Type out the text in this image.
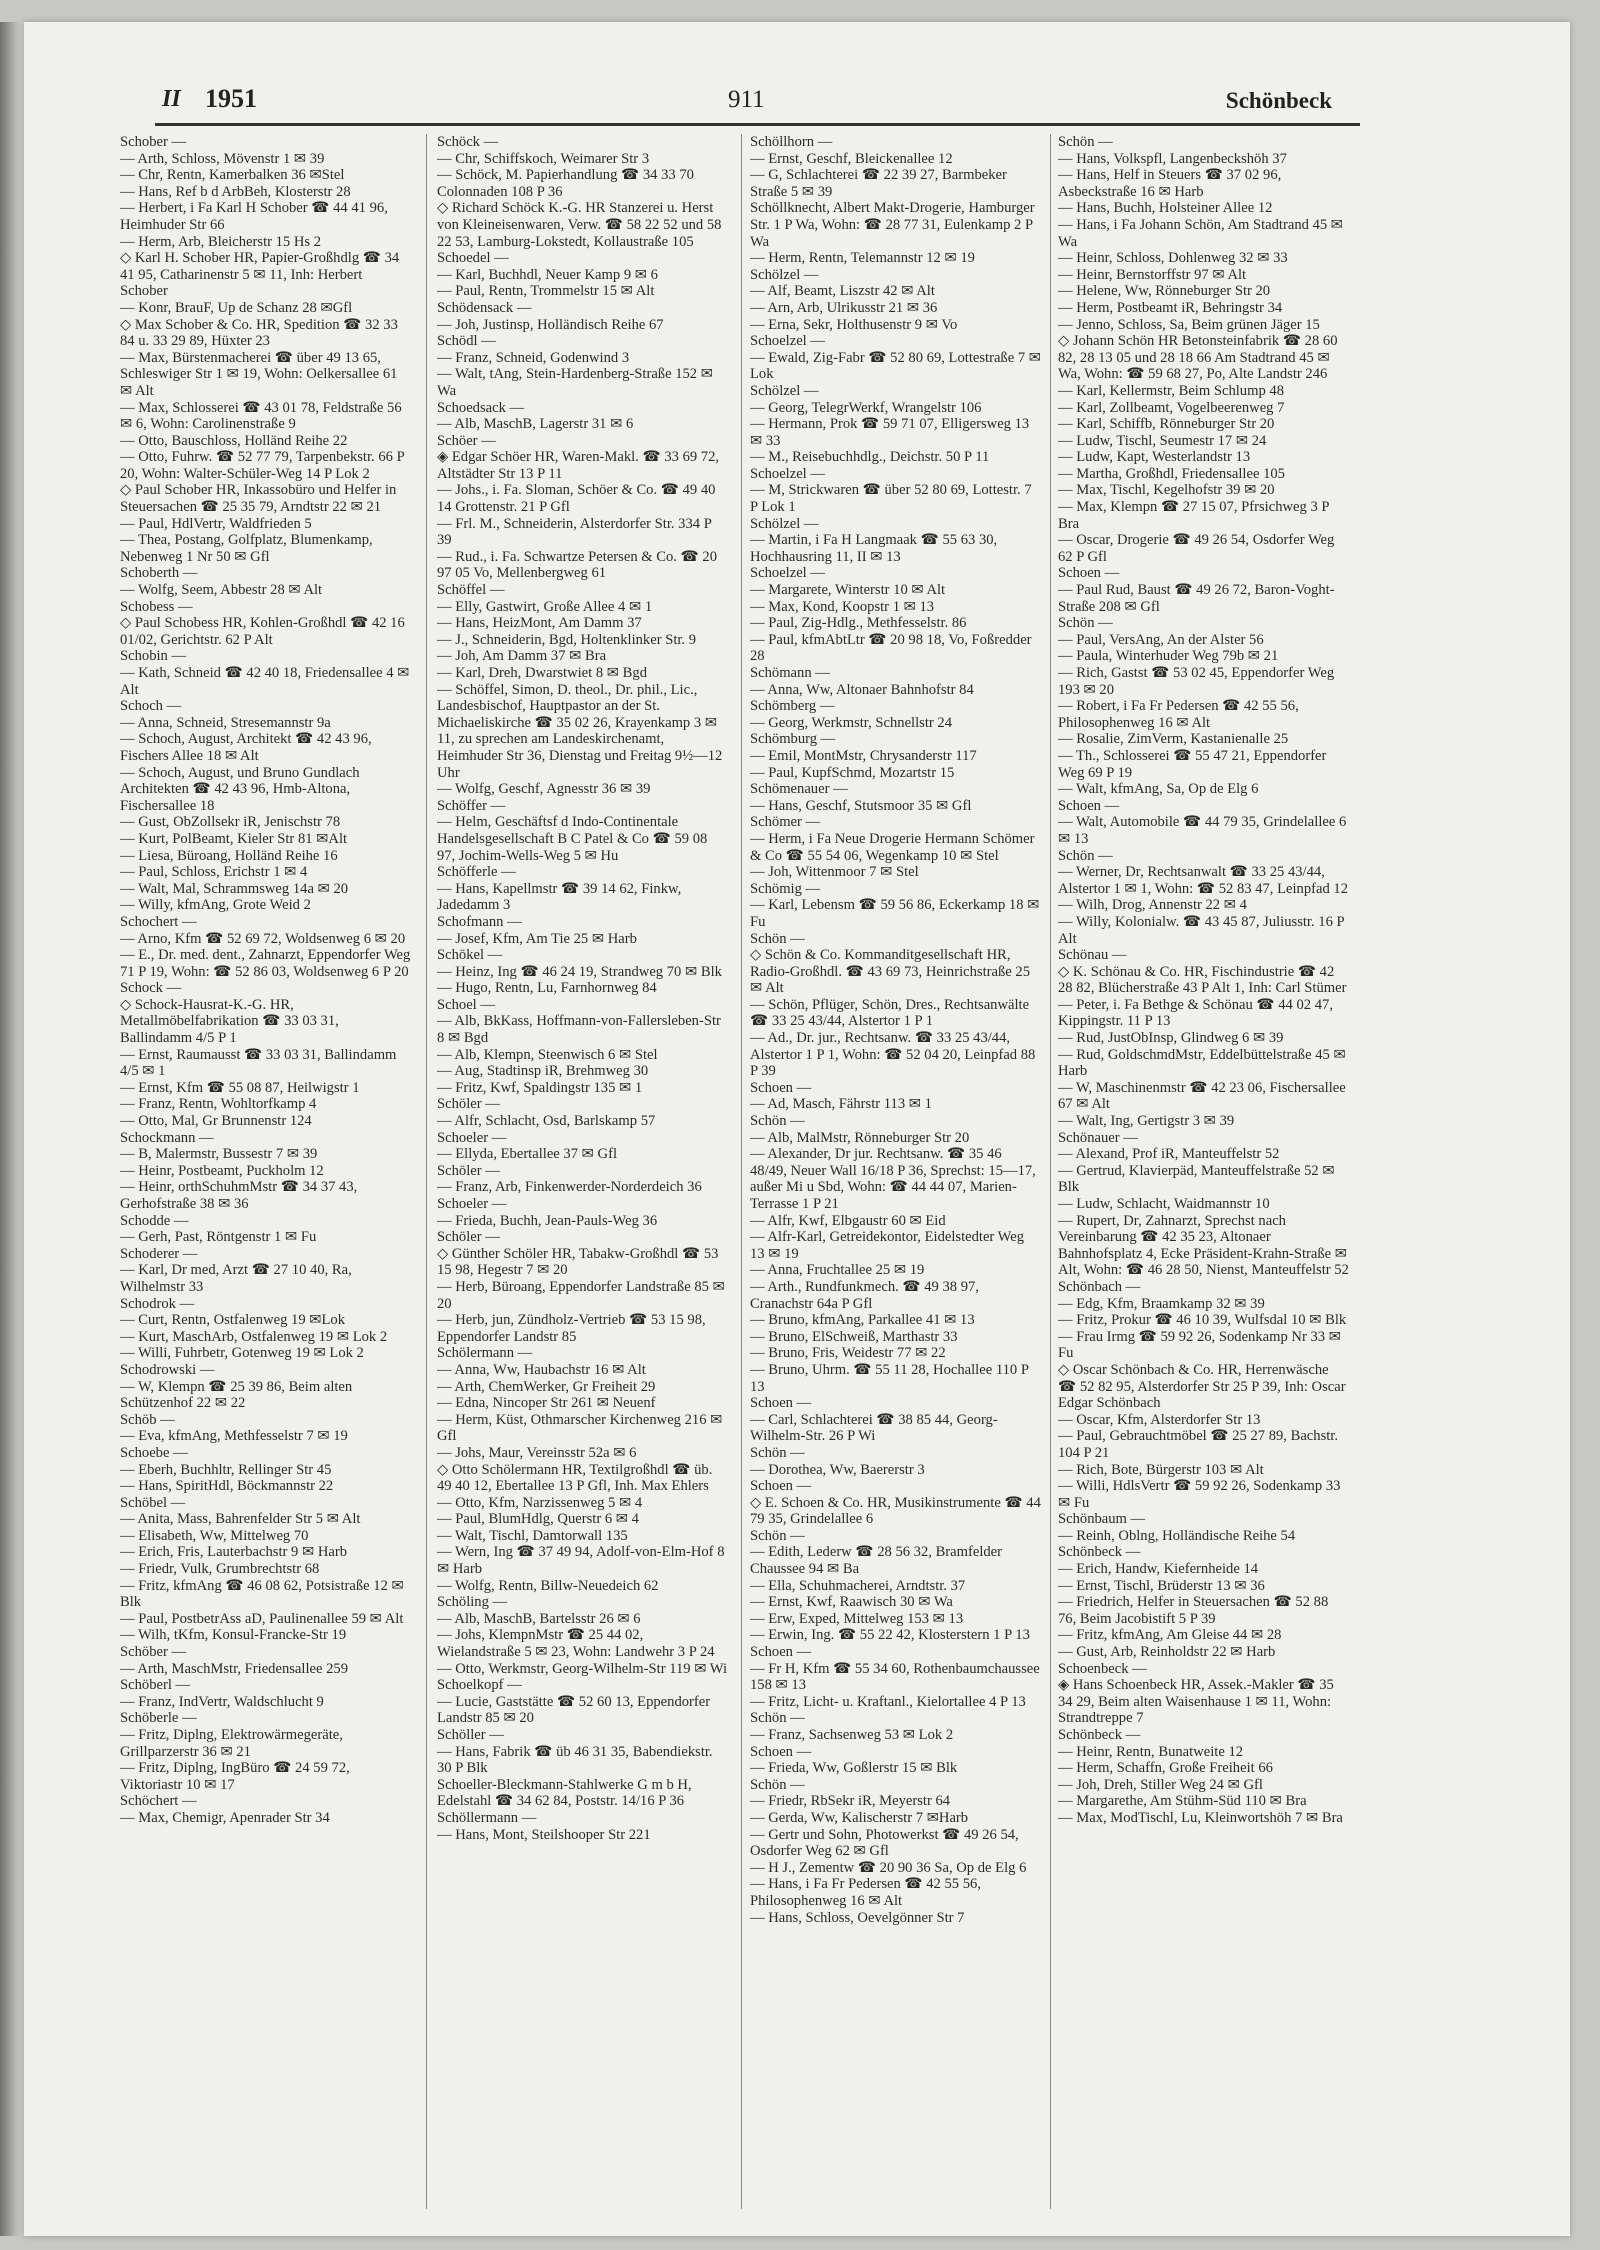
II 1951	911	Schönbeck

Schober —

— Arth, Schloss, Mövenstr 1 ✉ 39

— Chr, Rentn, Kamerbalken 36 ✉Stel

— Hans, Ref b d ArbBeh, Klosterstr 28

— Herbert, i Fa Karl H Schober ☎ 44 41 96, Heimhuder Str 66

— Herm, Arb, Bleicherstr 15 Hs 2

◇ Karl H. Schober HR, Papier-Großhdlg ☎ 34 41 95, Catharinenstr 5 ✉ 11, Inh: Herbert Schober

— Konr, BrauF, Up de Schanz 28 ✉Gfl

◇ Max Schober & Co. HR, Spedition ☎ 32 33 84 u. 33 29 89, Hüxter 23

— Max, Bürstenmacherei ☎ über 49 13 65, Schleswiger Str 1 ✉ 19, Wohn: Oelkersallee 61 ✉ Alt

— Max, Schlosserei ☎ 43 01 78, Feldstraße 56 ✉ 6, Wohn: Carolinenstraße 9

— Otto, Bauschloss, Holländ Reihe 22

— Otto, Fuhrw. ☎ 52 77 79, Tarpenbekstr. 66 P 20, Wohn: Walter-Schüler-Weg 14 P Lok 2

◇ Paul Schober HR, Inkassobüro und Helfer in Steuersachen ☎ 25 35 79, Arndtstr 22 ✉ 21

— Paul, HdlVertr, Waldfrieden 5

— Thea, Postang, Golfplatz, Blumenkamp, Nebenweg 1 Nr 50 ✉ Gfl

Schoberth —

— Wolfg, Seem, Abbestr 28 ✉ Alt

Schobess —

◇ Paul Schobess HR, Kohlen-Großhdl ☎ 42 16 01/02, Gerichtstr. 62 P Alt

Schobin —

— Kath, Schneid ☎ 42 40 18, Friedensallee 4 ✉ Alt

Schoch —

— Anna, Schneid, Stresemannstr 9a

— Schoch, August, Architekt ☎ 42 43 96, Fischers Allee 18 ✉ Alt

— Schoch, August, und Bruno Gundlach Architekten ☎ 42 43 96, Hmb-Altona, Fischersallee 18

— Gust, ObZollsekr iR, Jenischstr 78

— Kurt, PolBeamt, Kieler Str 81 ✉Alt

— Liesa, Büroang, Holländ Reihe 16

— Paul, Schloss, Erichstr 1 ✉ 4

— Walt, Mal, Schrammsweg 14a ✉ 20

— Willy, kfmAng, Grote Weid 2

Schochert —

— Arno, Kfm ☎ 52 69 72, Woldsenweg 6 ✉ 20

— E., Dr. med. dent., Zahnarzt, Eppendorfer Weg 71 P 19, Wohn: ☎ 52 86 03, Woldsenweg 6 P 20

Schock —

◇ Schock-Hausrat-K.-G. HR, Metallmöbelfabrikation ☎ 33 03 31, Ballindamm 4/5 P 1

— Ernst, Raumausst ☎ 33 03 31, Ballindamm 4/5 ✉ 1

— Ernst, Kfm ☎ 55 08 87, Heilwigstr 1

— Franz, Rentn, Wohltorfkamp 4

— Otto, Mal, Gr Brunnenstr 124

Schockmann —

— B, Malermstr, Bussestr 7 ✉ 39

— Heinr, Postbeamt, Puckholm 12

— Heinr, orthSchuhmMstr ☎ 34 37 43, Gerhofstraße 38 ✉ 36

Schodde —

— Gerh, Past, Röntgenstr 1 ✉ Fu

Schoderer —

— Karl, Dr med, Arzt ☎ 27 10 40, Ra, Wilhelmstr 33

Schodrok —

— Curt, Rentn, Ostfalenweg 19 ✉Lok

— Kurt, MaschArb, Ostfalenweg 19 ✉ Lok 2

— Willi, Fuhrbetr, Gotenweg 19 ✉ Lok 2

Schodrowski —

— W, Klempn ☎ 25 39 86, Beim alten Schützenhof 22 ✉ 22

Schöb —

— Eva, kfmAng, Methfesselstr 7 ✉ 19

Schoebe —

— Eberh, Buchhltr, Rellinger Str 45

— Hans, SpiritHdl, Böckmannstr 22

Schöbel —

— Anita, Mass, Bahrenfelder Str 5 ✉ Alt

— Elisabeth, Ww, Mittelweg 70

— Erich, Fris, Lauterbachstr 9 ✉ Harb

— Friedr, Vulk, Grumbrechtstr 68

— Fritz, kfmAng ☎ 46 08 62, Potsistraße 12 ✉ Blk

— Paul, PostbetrAss aD, Paulinenallee 59 ✉ Alt

— Wilh, tKfm, Konsul-Francke-Str 19

Schöber —

— Arth, MaschMstr, Friedensallee 259

Schöberl —

— Franz, IndVertr, Waldschlucht 9

Schöberle —

— Fritz, Diplng, Elektrowärmegeräte, Grillparzerstr 36 ✉ 21

— Fritz, Diplng, IngBüro ☎ 24 59 72, Viktoriastr 10 ✉ 17

Schöchert —

— Max, Chemigr, Apenrader Str 34

Schöck —

— Chr, Schiffskoch, Weimarer Str 3

— Schöck, M. Papierhandlung ☎ 34 33 70 Colonnaden 108 P 36

◇ Richard Schöck K.-G. HR Stanzerei u. Herst von Kleineisenwaren, Verw. ☎ 58 22 52 und 58 22 53, Lamburg-Lokstedt, Kollaustraße 105

Schoedel —

— Karl, Buchhdl, Neuer Kamp 9 ✉ 6

— Paul, Rentn, Trommelstr 15 ✉ Alt

Schödensack —

— Joh, Justinsp, Holländisch Reihe 67

Schödl —

— Franz, Schneid, Godenwind 3

— Walt, tAng, Stein-Hardenberg-Straße 152 ✉ Wa

Schoedsack —

— Alb, MaschB, Lagerstr 31 ✉ 6

Schöer —

◈ Edgar Schöer HR, Waren-Makl. ☎ 33 69 72, Altstädter Str 13 P 11

— Johs., i. Fa. Sloman, Schöer & Co. ☎ 49 40 14 Grottenstr. 21 P Gfl

— Frl. M., Schneiderin, Alsterdorfer Str. 334 P 39

— Rud., i. Fa. Schwartze Petersen & Co. ☎ 20 97 05 Vo, Mellenbergweg 61

Schöffel —

— Elly, Gastwirt, Große Allee 4 ✉ 1

— Hans, HeizMont, Am Damm 37

— J., Schneiderin, Bgd, Holtenklinker Str. 9

— Joh, Am Damm 37 ✉ Bra

— Karl, Dreh, Dwarstwiet 8 ✉ Bgd

— Schöffel, Simon, D. theol., Dr. phil., Lic., Landesbischof, Hauptpastor an der St. Michaeliskirche ☎ 35 02 26, Krayenkamp 3 ✉ 11, zu sprechen am Landeskirchenamt, Heimhuder Str 36, Dienstag und Freitag 9½—12 Uhr

— Wolfg, Geschf, Agnesstr 36 ✉ 39

Schöffer —

— Helm, Geschäftsf d Indo-Continentale Handelsgesellschaft B C Patel & Co ☎ 59 08 97, Jochim-Wells-Weg 5 ✉ Hu

Schöfferle —

— Hans, Kapellmstr ☎ 39 14 62, Finkw, Jadedamm 3

Schofmann —

— Josef, Kfm, Am Tie 25 ✉ Harb

Schökel —

— Heinz, Ing ☎ 46 24 19, Strandweg 70 ✉ Blk

— Hugo, Rentn, Lu, Farnhornweg 84

Schoel —

— Alb, BkKass, Hoffmann-von-Fallersleben-Str 8 ✉ Bgd

— Alb, Klempn, Steenwisch 6 ✉ Stel

— Aug, Stadtinsp iR, Brehmweg 30

— Fritz, Kwf, Spaldingstr 135 ✉ 1

Schöler —

— Alfr, Schlacht, Osd, Barlskamp 57

Schoeler —

— Ellyda, Ebertallee 37 ✉ Gfl

Schöler —

— Franz, Arb, Finkenwerder-Norderdeich 36

Schoeler —

— Frieda, Buchh, Jean-Pauls-Weg 36

Schöler —

◇ Günther Schöler HR, Tabakw-Großhdl ☎ 53 15 98, Hegestr 7 ✉ 20

— Herb, Büroang, Eppendorfer Landstraße 85 ✉ 20

— Herb, jun, Zündholz-Vertrieb ☎ 53 15 98, Eppendorfer Landstr 85

Schölermann —

— Anna, Ww, Haubachstr 16 ✉ Alt

— Arth, ChemWerker, Gr Freiheit 29

— Edna, Nincoper Str 261 ✉ Neuenf

— Herm, Küst, Othmarscher Kirchenweg 216 ✉ Gfl

— Johs, Maur, Vereinsstr 52a ✉ 6

◇ Otto Schölermann HR, Textilgroßhdl ☎ üb. 49 40 12, Ebertallee 13 P Gfl, Inh. Max Ehlers

— Otto, Kfm, Narzissenweg 5 ✉ 4

— Paul, BlumHdlg, Querstr 6 ✉ 4

— Walt, Tischl, Damtorwall 135

— Wern, Ing ☎ 37 49 94, Adolf-von-Elm-Hof 8 ✉ Harb

— Wolfg, Rentn, Billw-Neuedeich 62

Schöling —

— Alb, MaschB, Bartelsstr 26 ✉ 6

— Johs, KlempnMstr ☎ 25 44 02, Wielandstraße 5 ✉ 23, Wohn: Landwehr 3 P 24

— Otto, Werkmstr, Georg-Wilhelm-Str 119 ✉ Wi

Schoelkopf —

— Lucie, Gaststätte ☎ 52 60 13, Eppendorfer Landstr 85 ✉ 20

Schöller —

— Hans, Fabrik ☎ üb 46 31 35, Babendiekstr. 30 P Blk

Schoeller-Bleckmann-Stahlwerke G m b H, Edelstahl ☎ 34 62 84, Poststr. 14/16 P 36

Schöllermann —

— Hans, Mont, Steilshooper Str 221

Schöllhorn —

— Ernst, Geschf, Bleickenallee 12

— G, Schlachterei ☎ 22 39 27, Barmbeker Straße 5 ✉ 39

Schöllknecht, Albert Makt-Drogerie, Hamburger Str. 1 P Wa, Wohn: ☎ 28 77 31, Eulenkamp 2 P Wa

— Herm, Rentn, Telemannstr 12 ✉ 19

Schölzel —

— Alf, Beamt, Liszstr 42 ✉ Alt

— Arn, Arb, Ulrikusstr 21 ✉ 36

— Erna, Sekr, Holthusenstr 9 ✉ Vo

Schoelzel —

— Ewald, Zig-Fabr ☎ 52 80 69, Lottestraße 7 ✉ Lok

Schölzel —

— Georg, TelegrWerkf, Wrangelstr 106

— Hermann, Prok ☎ 59 71 07, Elligersweg 13 ✉ 33

— M., Reisebuchhdlg., Deichstr. 50 P 11

Schoelzel —

— M, Strickwaren ☎ über 52 80 69, Lottestr. 7 P Lok 1

Schölzel —

— Martin, i Fa H Langmaak ☎ 55 63 30, Hochhausring 11, II ✉ 13

Schoelzel —

— Margarete, Winterstr 10 ✉ Alt

— Max, Kond, Koopstr 1 ✉ 13

— Paul, Zig-Hdlg., Methfesselstr. 86

— Paul, kfmAbtLtr ☎ 20 98 18, Vo, Foßredder 28

Schömann —

— Anna, Ww, Altonaer Bahnhofstr 84

Schömberg —

— Georg, Werkmstr, Schnellstr 24

Schömburg —

— Emil, MontMstr, Chrysanderstr 117

— Paul, KupfSchmd, Mozartstr 15

Schömenauer —

— Hans, Geschf, Stutsmoor 35 ✉ Gfl

Schömer —

— Herm, i Fa Neue Drogerie Hermann Schömer & Co ☎ 55 54 06, Wegenkamp 10 ✉ Stel

— Joh, Wittenmoor 7 ✉ Stel

Schömig —

— Karl, Lebensm ☎ 59 56 86, Eckerkamp 18 ✉ Fu

Schön —

◇ Schön & Co. Kommanditgesellschaft HR, Radio-Großhdl. ☎ 43 69 73, Heinrichstraße 25 ✉ Alt

— Schön, Pflüger, Schön, Dres., Rechtsanwälte ☎ 33 25 43/44, Alstertor 1 P 1

— Ad., Dr. jur., Rechtsanw. ☎ 33 25 43/44, Alstertor 1 P 1, Wohn: ☎ 52 04 20, Leinpfad 88 P 39

Schoen —

— Ad, Masch, Fährstr 113 ✉ 1

Schön —

— Alb, MalMstr, Rönneburger Str 20

— Alexander, Dr jur. Rechtsanw. ☎ 35 46 48/49, Neuer Wall 16/18 P 36, Sprechst: 15—17, außer Mi u Sbd, Wohn: ☎ 44 44 07, Marien-Terrasse 1 P 21

— Alfr, Kwf, Elbgaustr 60 ✉ Eid

— Alfr-Karl, Getreidekontor, Eidelstedter Weg 13 ✉ 19

— Anna, Fruchtallee 25 ✉ 19

— Arth., Rundfunkmech. ☎ 49 38 97, Cranachstr 64a P Gfl

— Bruno, kfmAng, Parkallee 41 ✉ 13

— Bruno, ElSchweiß, Marthastr 33

— Bruno, Fris, Weidestr 77 ✉ 22

— Bruno, Uhrm. ☎ 55 11 28, Hochallee 110 P 13

Schoen —

— Carl, Schlachterei ☎ 38 85 44, Georg-Wilhelm-Str. 26 P Wi

Schön —

— Dorothea, Ww, Baererstr 3

Schoen —

◇ E. Schoen & Co. HR, Musikinstrumente ☎ 44 79 35, Grindelallee 6

Schön —

— Edith, Lederw ☎ 28 56 32, Bramfelder Chaussee 94 ✉ Ba

— Ella, Schuhmacherei, Arndtstr. 37

— Ernst, Kwf, Raawisch 30 ✉ Wa

— Erw, Exped, Mittelweg 153 ✉ 13

— Erwin, Ing. ☎ 55 22 42, Klosterstern 1 P 13

Schoen —

— Fr H, Kfm ☎ 55 34 60, Rothenbaumchaussee 158 ✉ 13

— Fritz, Licht- u. Kraftanl., Kielortallee 4 P 13

Schön —

— Franz, Sachsenweg 53 ✉ Lok 2

Schoen —

— Frieda, Ww, Goßlerstr 15 ✉ Blk

Schön —

— Friedr, RbSekr iR, Meyerstr 64

— Gerda, Ww, Kalischerstr 7 ✉Harb

— Gertr und Sohn, Photowerkst ☎ 49 26 54, Osdorfer Weg 62 ✉ Gfl

— H J., Zementw ☎ 20 90 36 Sa, Op de Elg 6

— Hans, i Fa Fr Pedersen ☎ 42 55 56, Philosophenweg 16 ✉ Alt

— Hans, Schloss, Oevelgönner Str 7

Schön —

— Hans, Volkspfl, Langenbeckshöh 37

— Hans, Helf in Steuers ☎ 37 02 96, Asbeckstraße 16 ✉ Harb

— Hans, Buchh, Holsteiner Allee 12

— Hans, i Fa Johann Schön, Am Stadtrand 45 ✉ Wa

— Heinr, Schloss, Dohlenweg 32 ✉ 33

— Heinr, Bernstorffstr 97 ✉ Alt

— Helene, Ww, Rönneburger Str 20

— Herm, Postbeamt iR, Behringstr 34

— Jenno, Schloss, Sa, Beim grünen Jäger 15

◇ Johann Schön HR Betonsteinfabrik ☎ 28 60 82, 28 13 05 und 28 18 66 Am Stadtrand 45 ✉ Wa, Wohn: ☎ 59 68 27, Po, Alte Landstr 246

— Karl, Kellermstr, Beim Schlump 48

— Karl, Zollbeamt, Vogelbeerenweg 7

— Karl, Schiffb, Rönneburger Str 20

— Ludw, Tischl, Seumestr 17 ✉ 24

— Ludw, Kapt, Westerlandstr 13

— Martha, Großhdl, Friedensallee 105

— Max, Tischl, Kegelhofstr 39 ✉ 20

— Max, Klempn ☎ 27 15 07, Pfrsichweg 3 P Bra

— Oscar, Drogerie ☎ 49 26 54, Osdorfer Weg 62 P Gfl

Schoen —

— Paul Rud, Baust ☎ 49 26 72, Baron-Voght-Straße 208 ✉ Gfl

Schön —

— Paul, VersAng, An der Alster 56

— Paula, Winterhuder Weg 79b ✉ 21

— Rich, Gastst ☎ 53 02 45, Eppendorfer Weg 193 ✉ 20

— Robert, i Fa Fr Pedersen ☎ 42 55 56, Philosophenweg 16 ✉ Alt

— Rosalie, ZimVerm, Kastanienalle 25

— Th., Schlosserei ☎ 55 47 21, Eppendorfer Weg 69 P 19

— Walt, kfmAng, Sa, Op de Elg 6

Schoen —

— Walt, Automobile ☎ 44 79 35, Grindelallee 6 ✉ 13

Schön —

— Werner, Dr, Rechtsanwalt ☎ 33 25 43/44, Alstertor 1 ✉ 1, Wohn: ☎ 52 83 47, Leinpfad 12

— Wilh, Drog, Annenstr 22 ✉ 4

— Willy, Kolonialw. ☎ 43 45 87, Juliusstr. 16 P Alt

Schönau —

◇ K. Schönau & Co. HR, Fischindustrie ☎ 42 28 82, Blücherstraße 43 P Alt 1, Inh: Carl Stümer

— Peter, i. Fa Bethge & Schönau ☎ 44 02 47, Kippingstr. 11 P 13

— Rud, JustObInsp, Glindweg 6 ✉ 39

— Rud, GoldschmdMstr, Eddelbüttelstraße 45 ✉ Harb

— W, Maschinenmstr ☎ 42 23 06, Fischersallee 67 ✉ Alt

— Walt, Ing, Gertigstr 3 ✉ 39

Schönauer —

— Alexand, Prof iR, Manteuffelstr 52

— Gertrud, Klavierpäd, Manteuffelstraße 52 ✉ Blk

— Ludw, Schlacht, Waidmannstr 10

— Rupert, Dr, Zahnarzt, Sprechst nach Vereinbarung ☎ 42 35 23, Altonaer Bahnhofsplatz 4, Ecke Präsident-Krahn-Straße ✉ Alt, Wohn: ☎ 46 28 50, Nienst, Manteuffelstr 52

Schönbach —

— Edg, Kfm, Braamkamp 32 ✉ 39

— Fritz, Prokur ☎ 46 10 39, Wulfsdal 10 ✉ Blk

— Frau Irmg ☎ 59 92 26, Sodenkamp Nr 33 ✉ Fu

◇ Oscar Schönbach & Co. HR, Herrenwäsche ☎ 52 82 95, Alsterdorfer Str 25 P 39, Inh: Oscar Edgar Schönbach

— Oscar, Kfm, Alsterdorfer Str 13

— Paul, Gebrauchtmöbel ☎ 25 27 89, Bachstr. 104 P 21

— Rich, Bote, Bürgerstr 103 ✉ Alt

— Willi, HdlsVertr ☎ 59 92 26, Sodenkamp 33 ✉ Fu

Schönbaum —

— Reinh, Oblng, Holländische Reihe 54

Schönbeck —

— Erich, Handw, Kiefernheide 14

— Ernst, Tischl, Brüderstr 13 ✉ 36

— Friedrich, Helfer in Steuersachen ☎ 52 88 76, Beim Jacobistift 5 P 39

— Fritz, kfmAng, Am Gleise 44 ✉ 28

— Gust, Arb, Reinholdstr 22 ✉ Harb

Schoenbeck —

◈ Hans Schoenbeck HR, Assek.-Makler ☎ 35 34 29, Beim alten Waisenhause 1 ✉ 11, Wohn: Strandtreppe 7

Schönbeck —

— Heinr, Rentn, Bunatweite 12

— Herm, Schaffn, Große Freiheit 66

— Joh, Dreh, Stiller Weg 24 ✉ Gfl

— Margarethe, Am Stühm-Süd 110 ✉ Bra

— Max, ModTischl, Lu, Kleinwortshöh 7 ✉ Bra
